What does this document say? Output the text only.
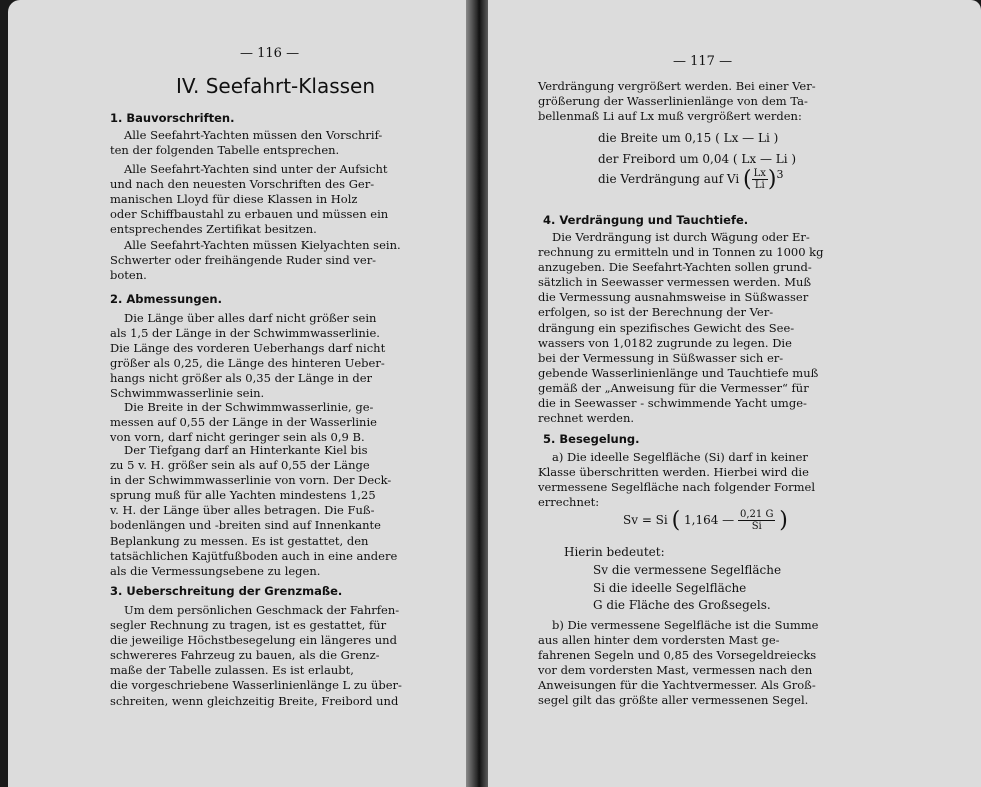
— 116 —
IV. Seefahrt-Klassen
1. Bauvorschriften.

Alle Seefahrt-Yachten müssen den Vorschrif-
ten der folgenden Tabelle entsprechen.

Alle Seefahrt-Yachten sind unter der Aufsicht
und nach den neuesten Vorschriften des Ger-
manischen Lloyd für diese Klassen in Holz
oder Schiffbaustahl zu erbauen und müssen ein
entsprechendes Zertifikat besitzen.

Alle Seefahrt-Yachten müssen Kielyachten sein.
Schwerter oder freihängende Ruder sind ver-
boten.

2. Abmessungen.

Die Länge über alles darf nicht größer sein
als 1,5 der Länge in der Schwimmwasserlinie.
Die Länge des vorderen Ueberhangs darf nicht
größer als 0,25, die Länge des hinteren Ueber-
hangs nicht größer als 0,35 der Länge in der
Schwimmwasserlinie sein.

Die Breite in der Schwimmwasserlinie, ge-
messen auf 0,55 der Länge in der Wasserlinie
von vorn, darf nicht geringer sein als 0,9 B.

Der Tiefgang darf an Hinterkante Kiel bis
zu 5 v. H. größer sein als auf 0,55 der Länge
in der Schwimmwasserlinie von vorn. Der Deck-
sprung muß für alle Yachten mindestens 1,25
v. H. der Länge über alles betragen. Die Fuß-
bodenlängen und -breiten sind auf Innenkante
Beplankung zu messen. Es ist gestattet, den
tatsächlichen Kajütfußboden auch in eine andere
als die Vermessungsebene zu legen.

3. Ueberschreitung der Grenzmaße.

Um dem persönlichen Geschmack der Fahrfen-
segler Rechnung zu tragen, ist es gestattet, für
die jeweilige Höchstbesegelung ein längeres und
schwereres Fahrzeug zu bauen, als die Grenz-
maße der Tabelle zulassen. Es ist erlaubt,
die vorgeschriebene Wasserlinienlänge L zu über-
schreiten, wenn gleichzeitig Breite, Freibord und

— 117 —

Verdrängung vergrößert werden. Bei einer Ver-
größerung der Wasserlinienlänge von dem Ta-
bellenmaß Li auf Lx muß vergrößert werden:

die Breite um 0,15 ( Lx — Li )
der Freibord um 0,04 ( Lx — Li )
die Verdrängung auf Vi ( $\frac{Lx}{Li} )^3$
4. Verdrängung und Tauchtiefe.

Die Verdrängung ist durch Wägung oder Er-
rechnung zu ermitteln und in Tonnen zu 1000 kg
anzugeben. Die Seefahrt-Yachten sollen grund-
sätzlich in Seewasser vermessen werden. Muß
die Vermessung ausnahmsweise in Süßwasser
erfolgen, so ist der Berechnung der Ver-
drängung ein spezifisches Gewicht des See-
wassers von 1,0182 zugrunde zu legen. Die
bei der Vermessung in Süßwasser sich er-
gebende Wasserlinienlänge und Tauchtiefe muß
gemäß der „Anweisung für die Vermesser“ für
die in Seewasser - schwimmende Yacht umge-
rechnet werden.

5. Besegelung.

a) Die ideelle Segelfläche (Si) darf in keiner
Klasse überschritten werden. Hierbei wird die
vermessene Segelfläche nach folgender Formel
errechnet:

Sv = Si ( 1,164 — $\frac{0,21 G}{Si}$ )
Hierin bedeutet:
Sv die vermessene Segelfläche
Si die ideelle Segelfläche
G die Fläche des Großsegels.

b) Die vermessene Segelfläche ist die Summe
aus allen hinter dem vordersten Mast ge-
fahrenen Segeln und 0,85 des Vorsegeldreiecks
vor dem vordersten Mast, vermessen nach den
Anweisungen für die Yachtvermesser. Als Groß-
segel gilt das größte aller vermessenen Segel.
